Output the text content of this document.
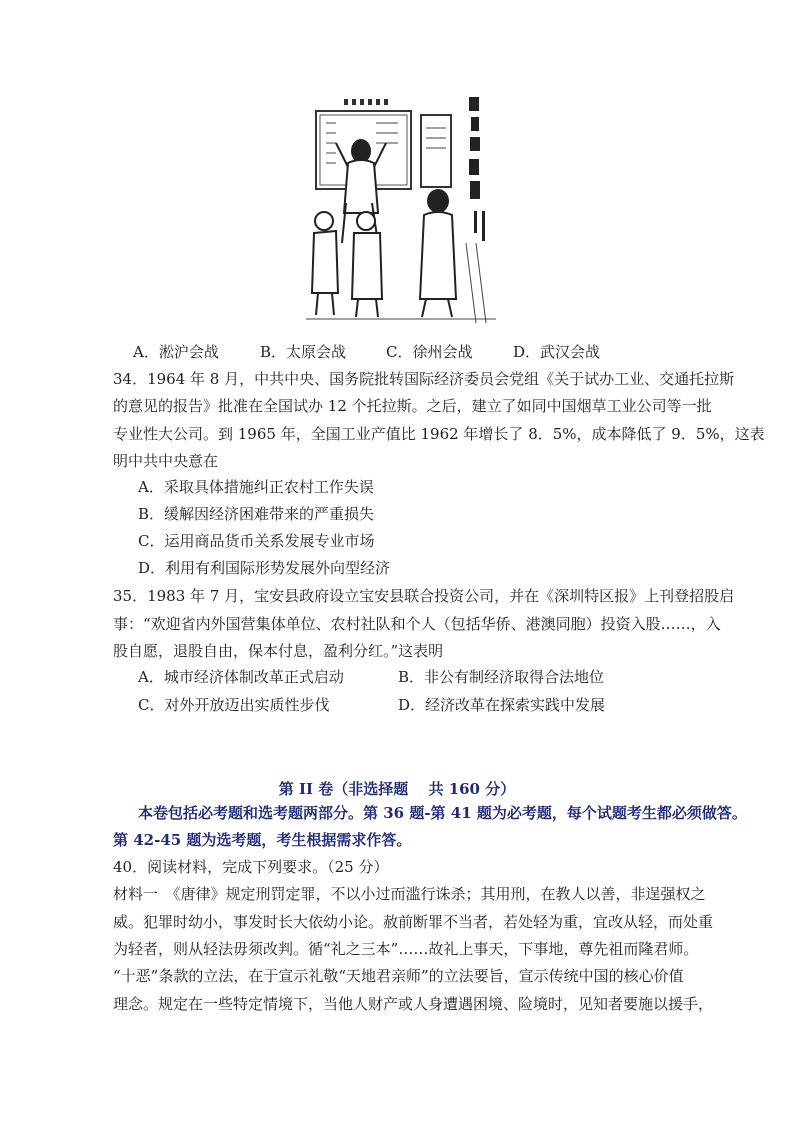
A．淞沪会战	B．太原会战	C．徐州会战	D．武汉会战
34．1964 年 8 月，中共中央、国务院批转国际经济委员会党组《关于试办工业、交通托拉斯
的意见的报告》批准在全国试办 12 个托拉斯。之后，建立了如同中国烟草工业公司等一批
专业性大公司。到 1965 年，全国工业产值比 1962 年增长了 8．5%，成本降低了 9．5%，这表
明中共中央意在
A．采取具体措施纠正农村工作失误
B．缓解因经济困难带来的严重损失
C．运用商品货币关系发展专业市场
D．利用有利国际形势发展外向型经济
35．1983 年 7 月，宝安县政府设立宝安县联合投资公司，并在《深圳特区报》上刊登招股启
事：“欢迎省内外国营集体单位、农村社队和个人（包括华侨、港澳同胞）投资入股……，入
股自愿，退股自由，保本付息，盈利分红。”这表明
A．城市经济体制改革正式启动	B．非公有制经济取得合法地位
C．对外开放迈出实质性步伐	D．经济改革在探索实践中发展
第 II 卷（非选择题　 共 160 分）
本卷包括必考题和选考题两部分。第 36 题-第 41 题为必考题，每个试题考生都必须做答。
第 42-45 题为选考题，考生根据需求作答。
40．阅读材料，完成下列要求。（25 分）
材料一　《唐律》规定刑罚定罪，不以小过而滥行诛杀；其用刑，在教人以善，非逞强权之
威。犯罪时幼小，事发时长大依幼小论。赦前断罪不当者，若处轻为重，宜改从轻，而处重
为轻者，则从轻法毋须改判。循“礼之三本”……故礼上事天，下事地，尊先祖而隆君师。
“十恶”条款的立法，在于宣示礼敬“天地君亲师”的立法要旨，宣示传统中国的核心价值
理念。规定在一些特定情境下，当他人财产或人身遭遇困境、险境时，见知者要施以援手，
